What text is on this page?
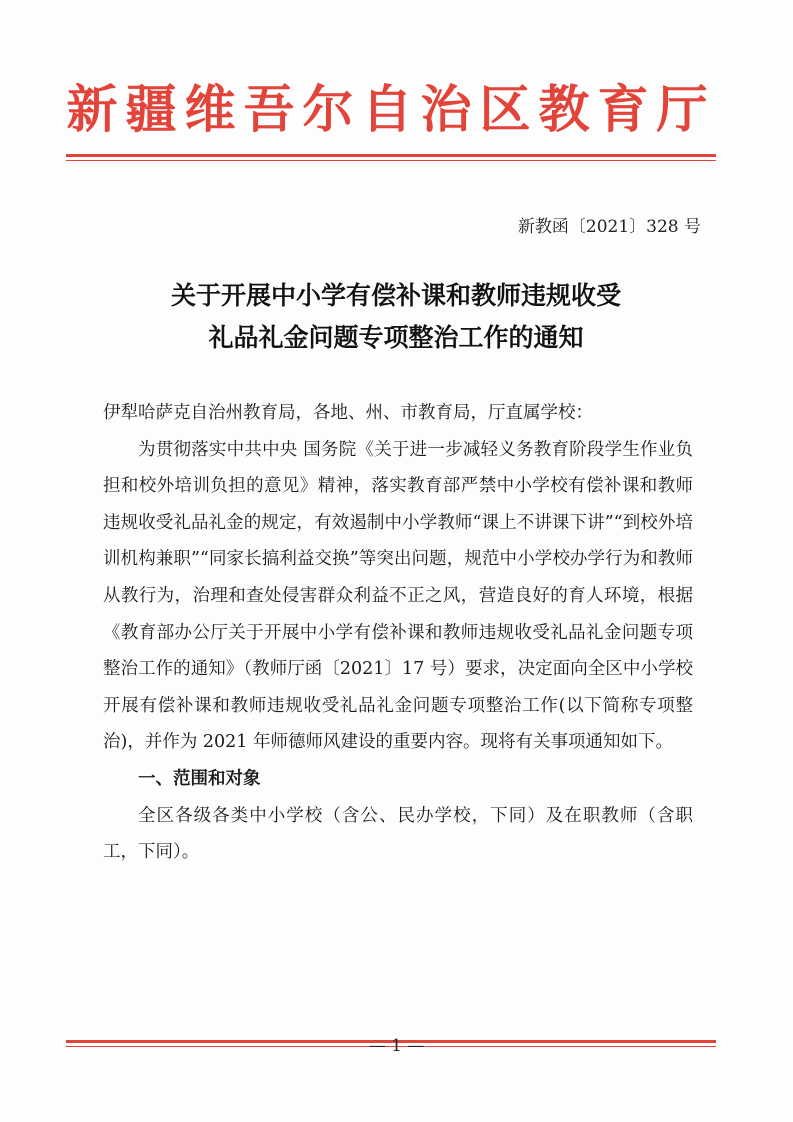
新疆维吾尔自治区教育厅
新教函〔2021〕328 号
关于开展中小学有偿补课和教师违规收受
礼品礼金问题专项整治工作的通知

伊犁哈萨克自治州教育局，各地、州、市教育局，厅直属学校：

为贯彻落实中共中央 国务院《关于进一步减轻义务教育阶段学生作业负担和校外培训负担的意见》精神，落实教育部严禁中小学校有偿补课和教师违规收受礼品礼金的规定，有效遏制中小学教师“课上不讲课下讲”“到校外培训机构兼职”“同家长搞利益交换”等突出问题，规范中小学校办学行为和教师从教行为，治理和查处侵害群众利益不正之风，营造良好的育人环境，根据《教育部办公厅关于开展中小学有偿补课和教师违规收受礼品礼金问题专项整治工作的通知》（教师厅函〔2021〕17 号）要求，决定面向全区中小学校开展有偿补课和教师违规收受礼品礼金问题专项整治工作(以下简称专项整治)，并作为 2021 年师德师风建设的重要内容。现将有关事项通知如下。

一、范围和对象

全区各级各类中小学校（含公、民办学校，下同）及在职教师（含职工，下同）。

— 1 —
